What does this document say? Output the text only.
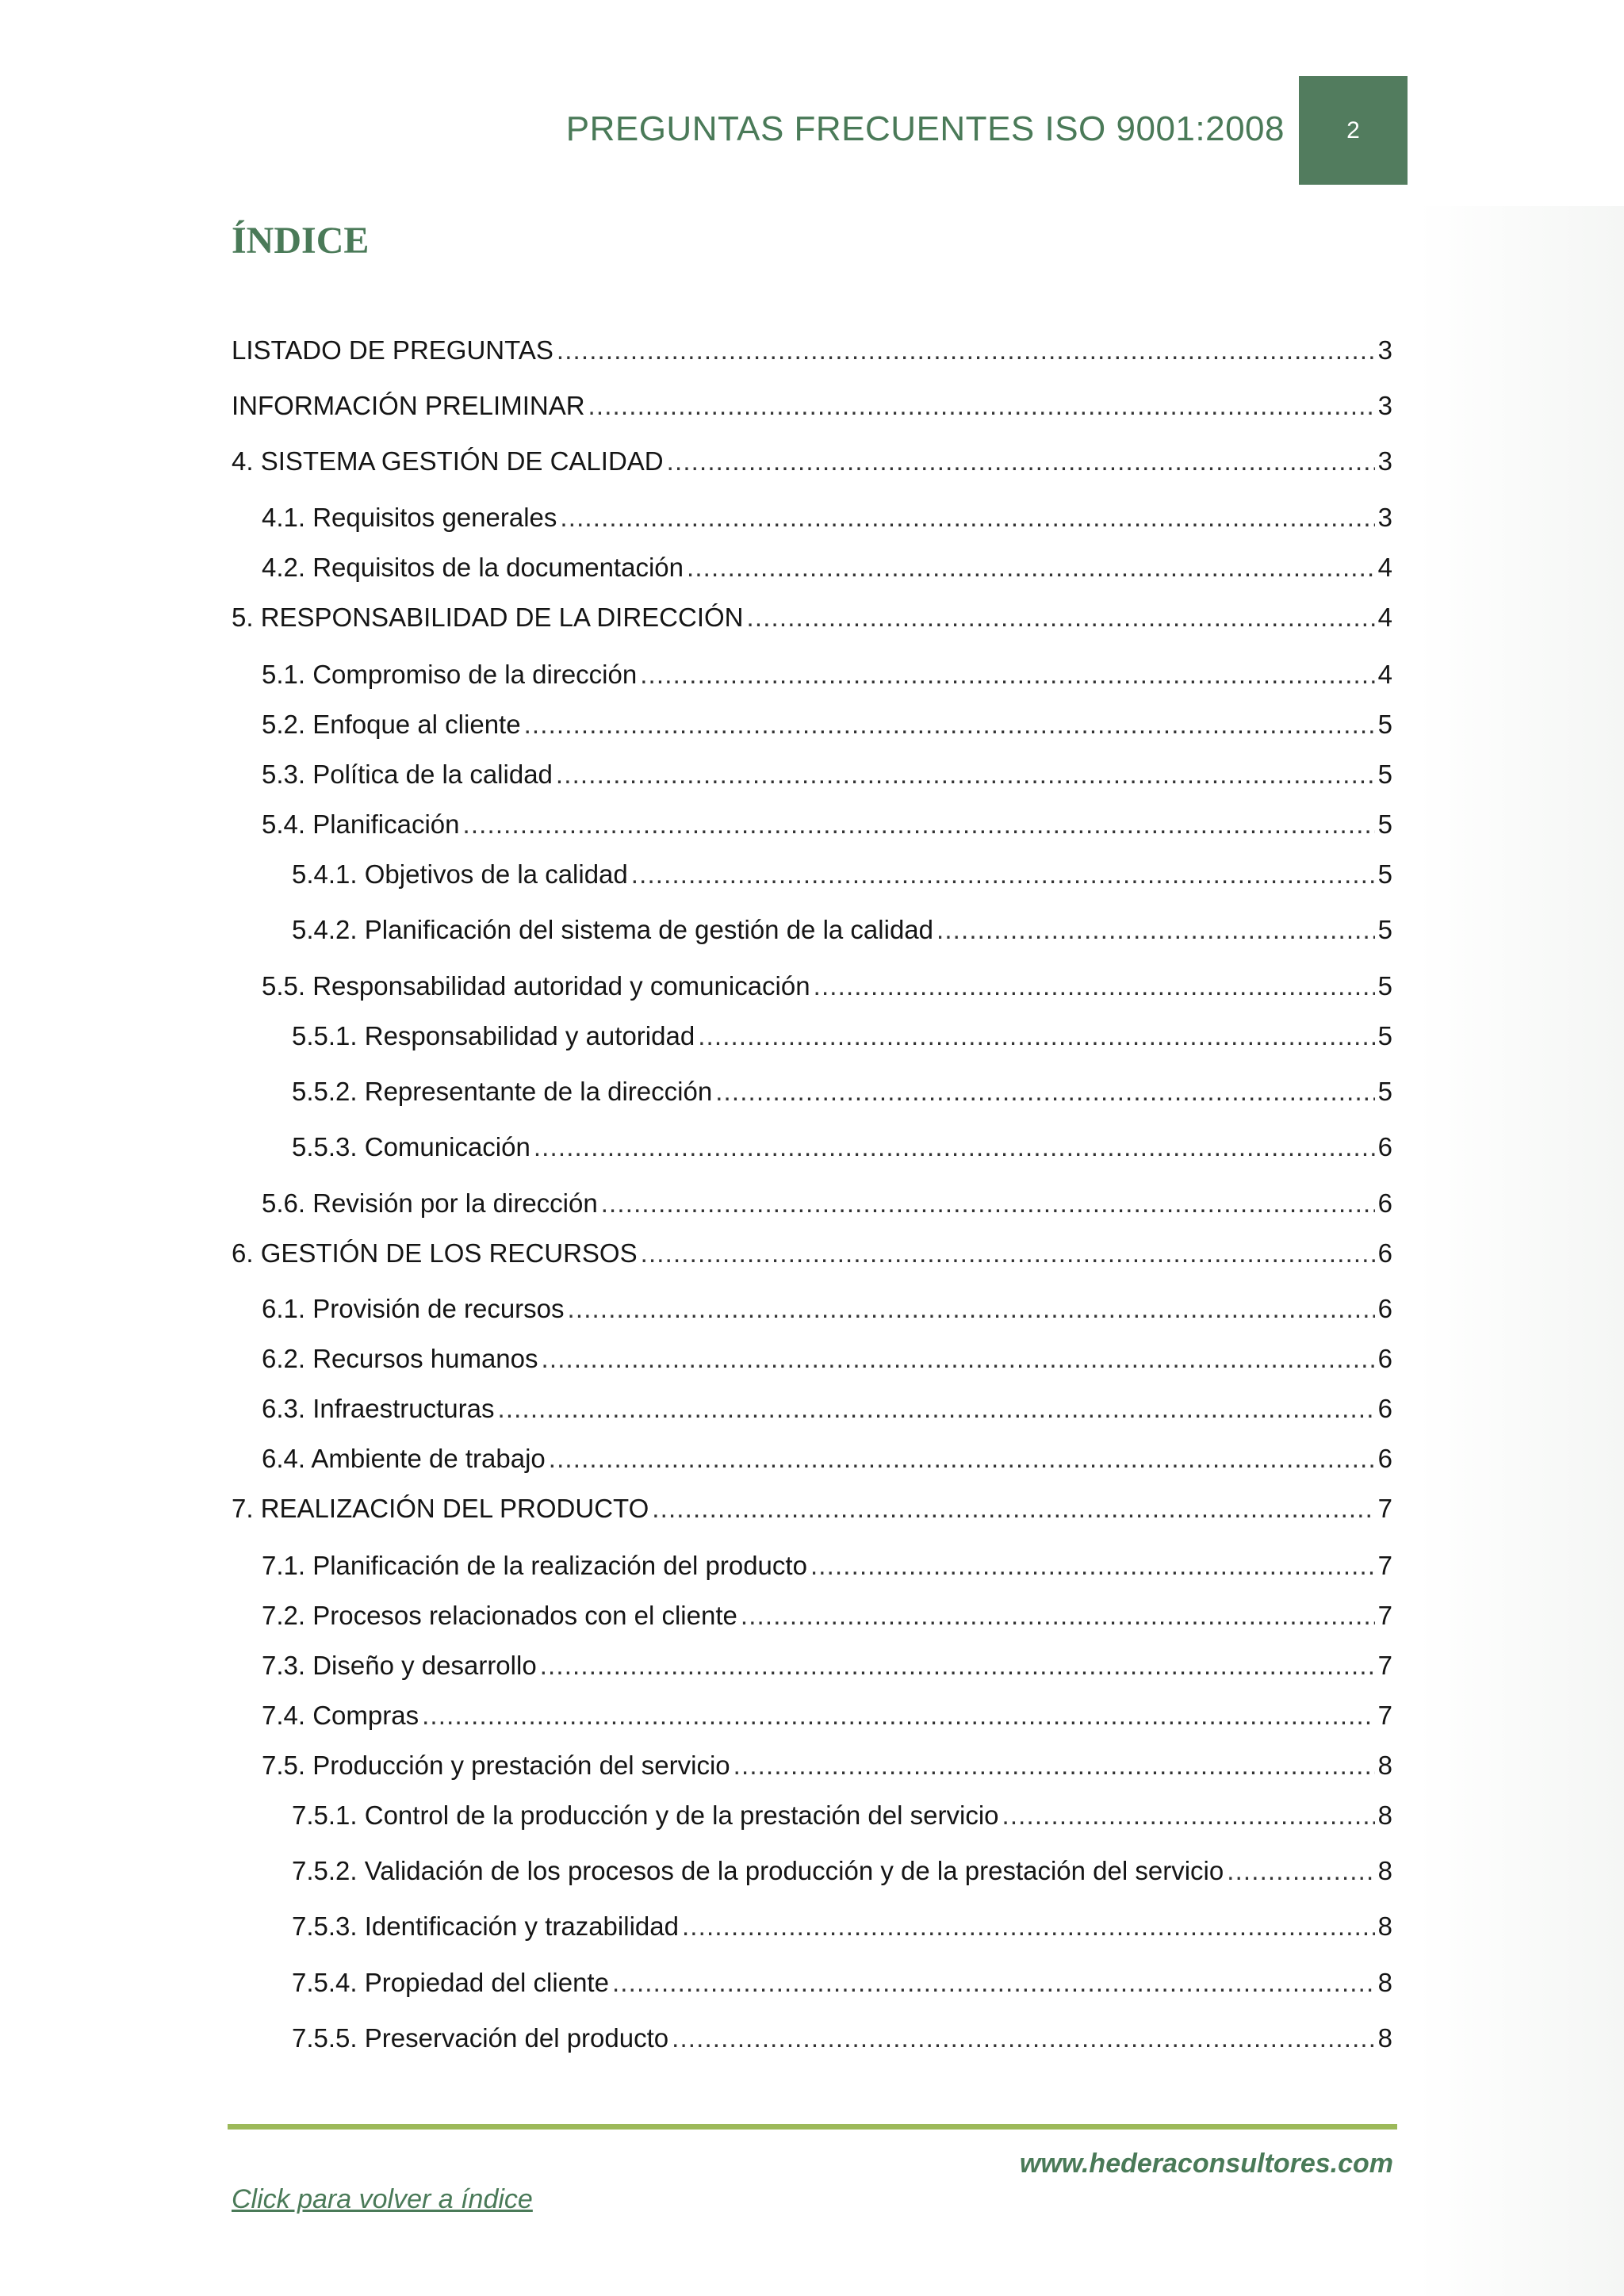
PREGUNTAS FRECUENTES ISO 9001:2008	2
ÍNDICE
LISTADO DE PREGUNTAS . . .	3
INFORMACIÓN PRELIMINAR . . .	3
4. SISTEMA GESTIÓN DE CALIDAD . . .	3
4.1. Requisitos generales . . .	3
4.2. Requisitos de la documentación . . .	4
5. RESPONSABILIDAD DE LA DIRECCIÓN . . .	4
5.1. Compromiso de la dirección . . .	4
5.2. Enfoque al cliente . . .	5
5.3. Política de la calidad . . .	5
5.4. Planificación . . .	5
5.4.1. Objetivos de la calidad . . .	5
5.4.2. Planificación del sistema de gestión de la calidad . . .	5
5.5. Responsabilidad autoridad y comunicación . . .	5
5.5.1. Responsabilidad y autoridad . . .	5
5.5.2. Representante de la dirección . . .	5
5.5.3. Comunicación . . .	6
5.6. Revisión por la dirección . . .	6
6. GESTIÓN DE LOS RECURSOS . . .	6
6.1. Provisión de recursos . . .	6
6.2. Recursos humanos . . .	6
6.3. Infraestructuras . . .	6
6.4. Ambiente de trabajo . . .	6
7. REALIZACIÓN DEL PRODUCTO . . .	7
7.1. Planificación de la realización del producto . . .	7
7.2. Procesos relacionados con el cliente . . .	7
7.3. Diseño y desarrollo . . .	7
7.4. Compras . . .	7
7.5. Producción y prestación del servicio . . .	8
7.5.1. Control de la producción y de la prestación del servicio . . .	8
7.5.2. Validación de los procesos de la producción y de la prestación del servicio . . .	8
7.5.3. Identificación y trazabilidad . . .	8
7.5.4. Propiedad del cliente . . .	8
7.5.5. Preservación del producto . . .	8
www.hederaconsultores.com
Click para volver a índice
